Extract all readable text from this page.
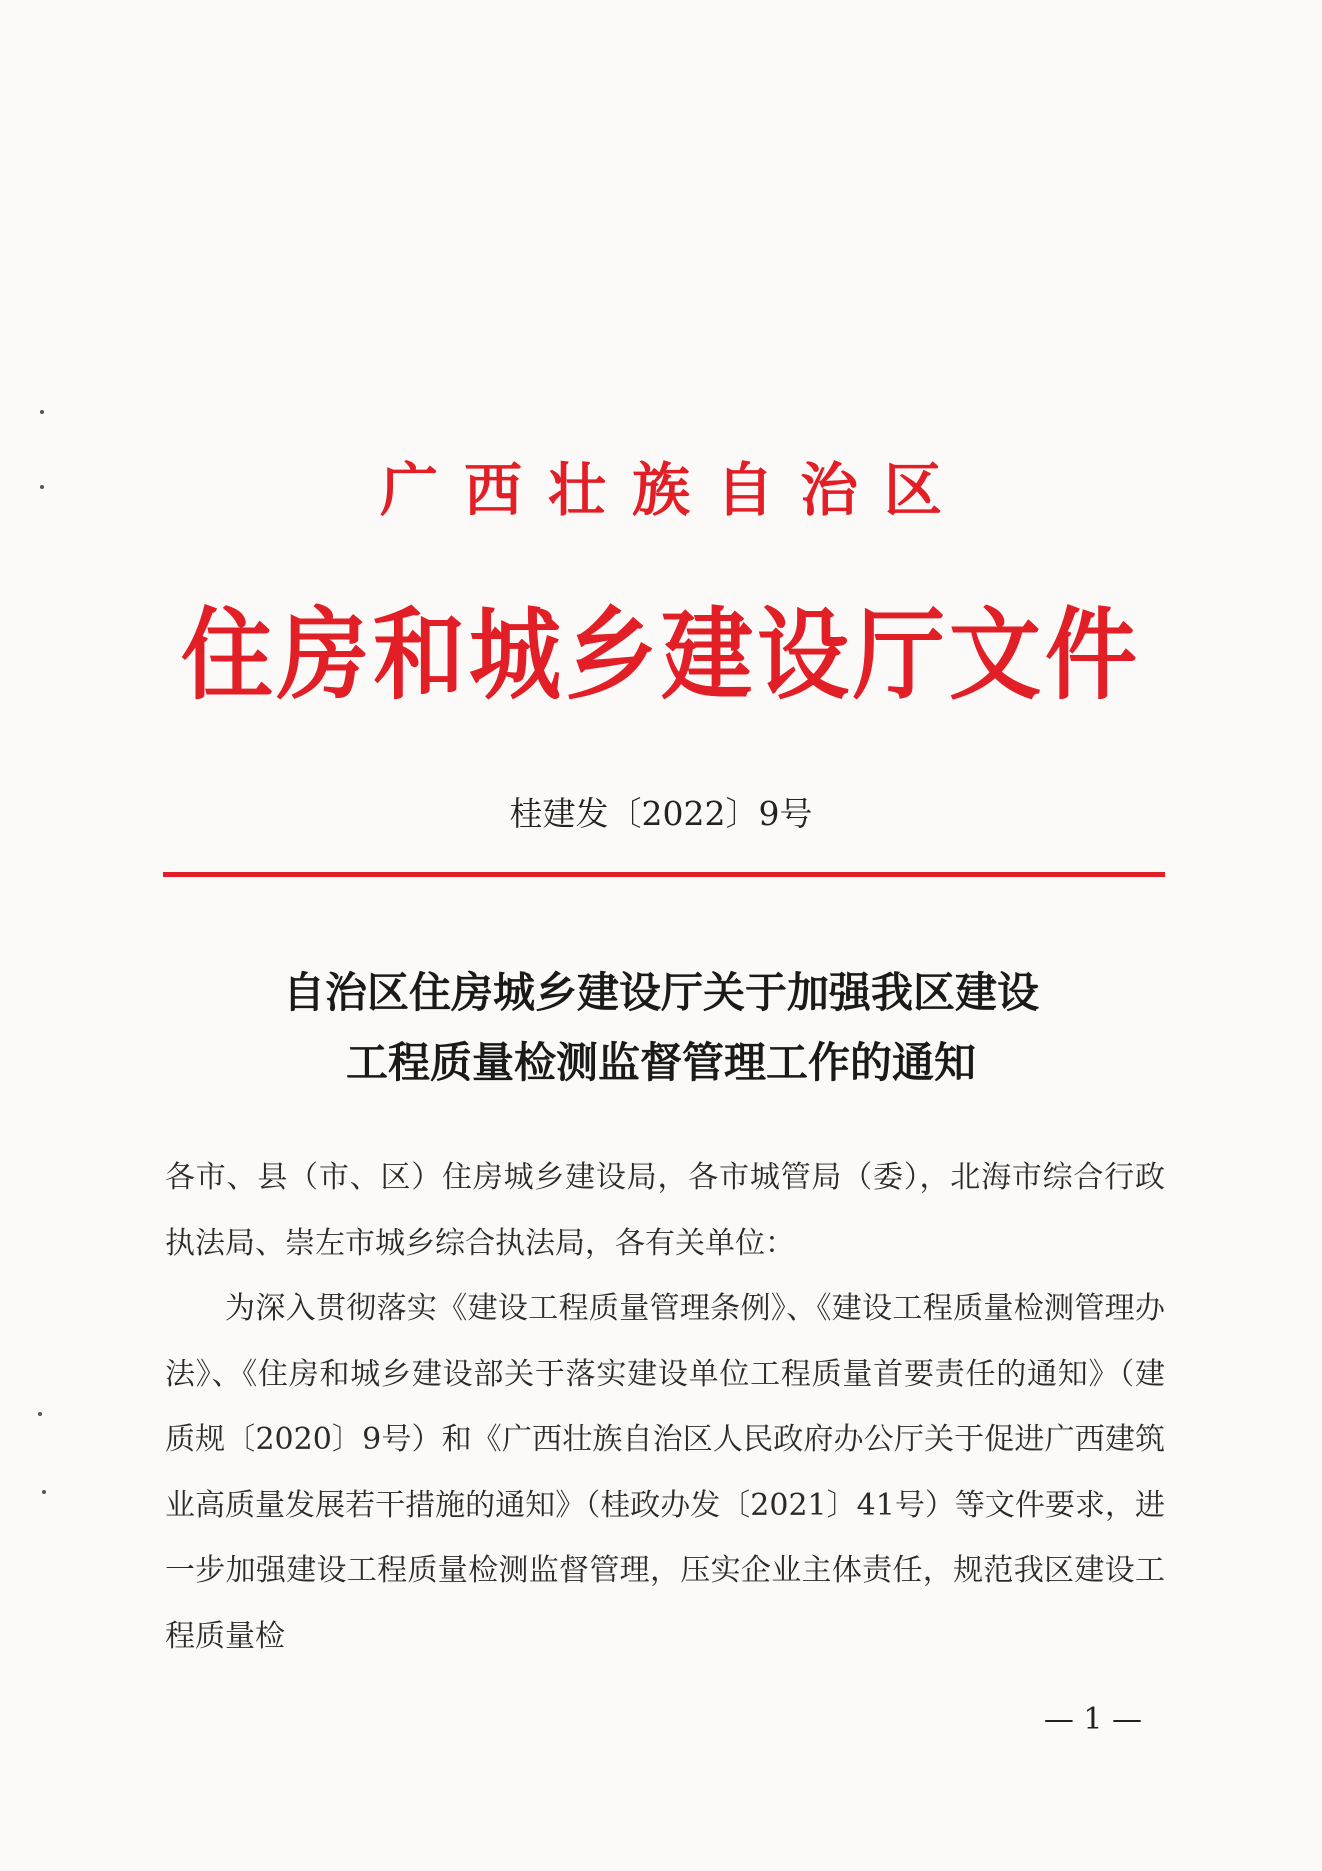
广西壮族自治区
住房和城乡建设厅文件
桂建发〔2022〕9号
自治区住房城乡建设厅关于加强我区建设
工程质量检测监督管理工作的通知

各市、县（市、区）住房城乡建设局，各市城管局（委），北海市综合行政执法局、崇左市城乡综合执法局，各有关单位：

为深入贯彻落实《建设工程质量管理条例》、《建设工程质量检测管理办法》、《住房和城乡建设部关于落实建设单位工程质量首要责任的通知》（建质规〔2020〕9号）和《广西壮族自治区人民政府办公厅关于促进广西建筑业高质量发展若干措施的通知》（桂政办发〔2021〕41号）等文件要求，进一步加强建设工程质量检测监督管理，压实企业主体责任，规范我区建设工程质量检

— 1 —
